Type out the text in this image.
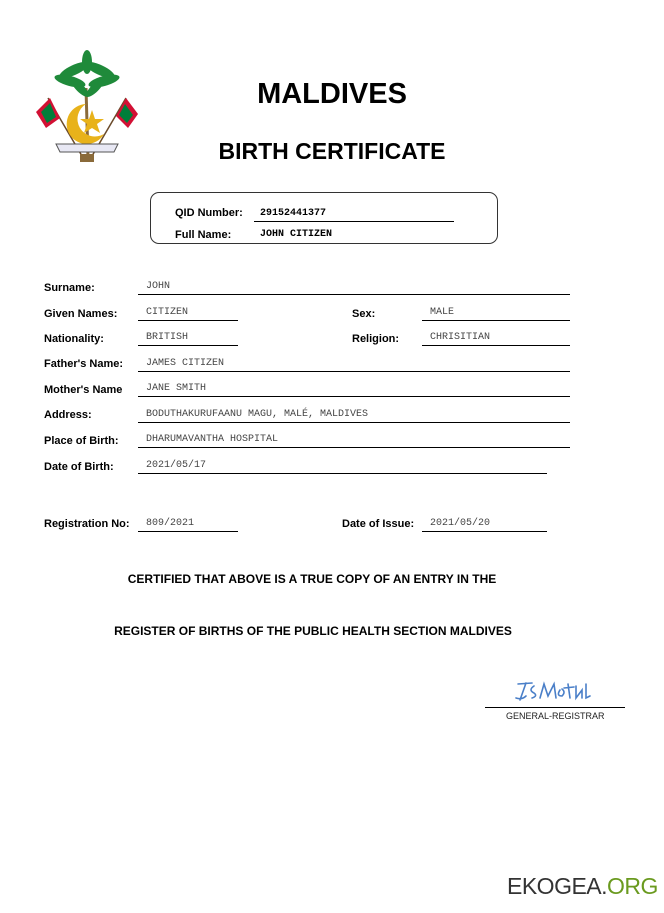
MALDIVES
BIRTH CERTIFICATE
QID Number:	29152441377
Full Name:	JOHN CITIZEN
Surname:	JOHN
Given Names:	CITIZEN	Sex:	MALE
Nationality:	BRITISH	Religion:	CHRISITIAN
Father's Name:	JAMES CITIZEN
Mother's Name	JANE SMITH
Address:	BODUTHAKURUFAANU MAGU, MALÉ, MALDIVES
Place of Birth:	DHARUMAVANTHA HOSPITAL
Date of Birth:	2021/05/17
Registration No:	809/2021	Date of Issue:	2021/05/20
CERTIFIED THAT ABOVE IS A TRUE COPY OF AN ENTRY IN THE
REGISTER OF BIRTHS OF THE PUBLIC HEALTH SECTION MALDIVES
GENERAL-REGISTRAR
EKOGEA.ORG
